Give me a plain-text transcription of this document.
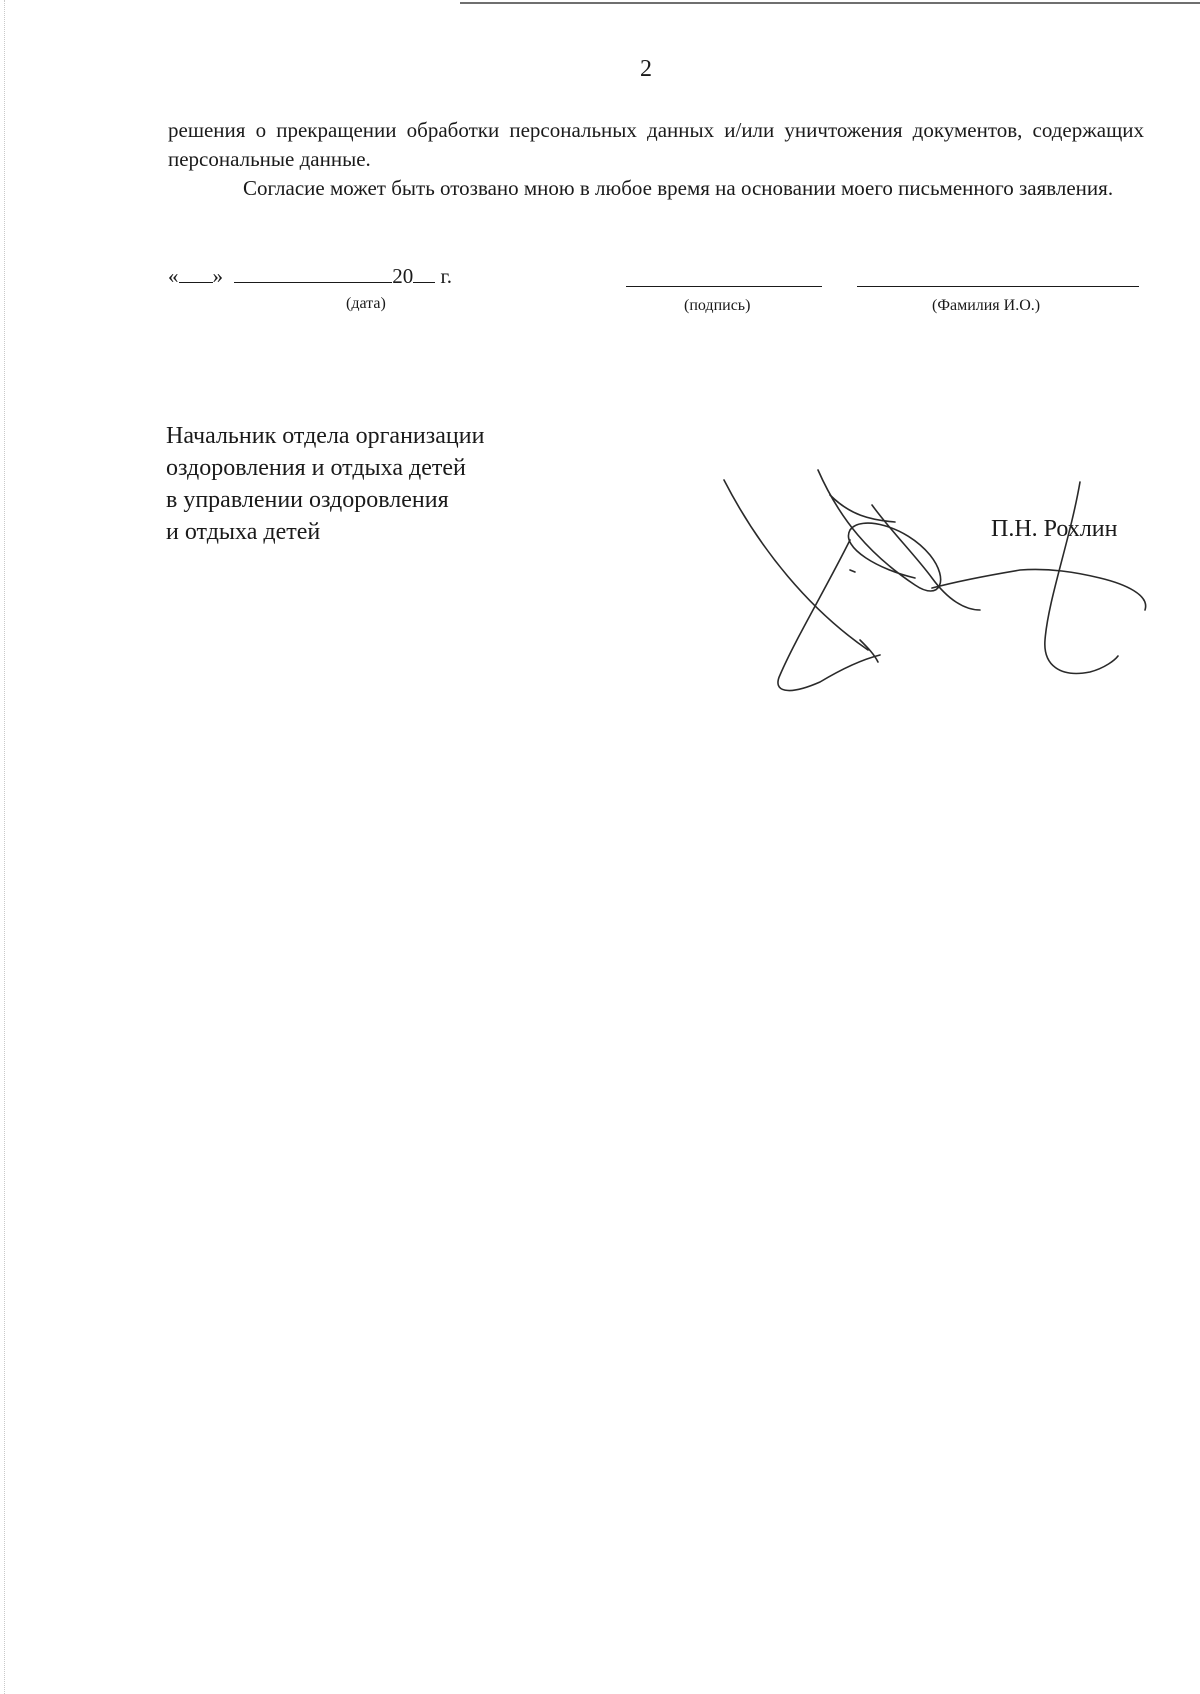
2

решения о прекращении обработки персональных данных и/или уничтожения документов, содержащих персональные данные.

Согласие может быть отозвано мною в любое время на основании моего письменного заявления.

« »	20 г.
(дата)	(подпись)	(Фамилия И.О.)
Начальник отдела организации
оздоровления и отдыха детей
в управлении оздоровления
и отдыха детей	П.Н. Рохлин
